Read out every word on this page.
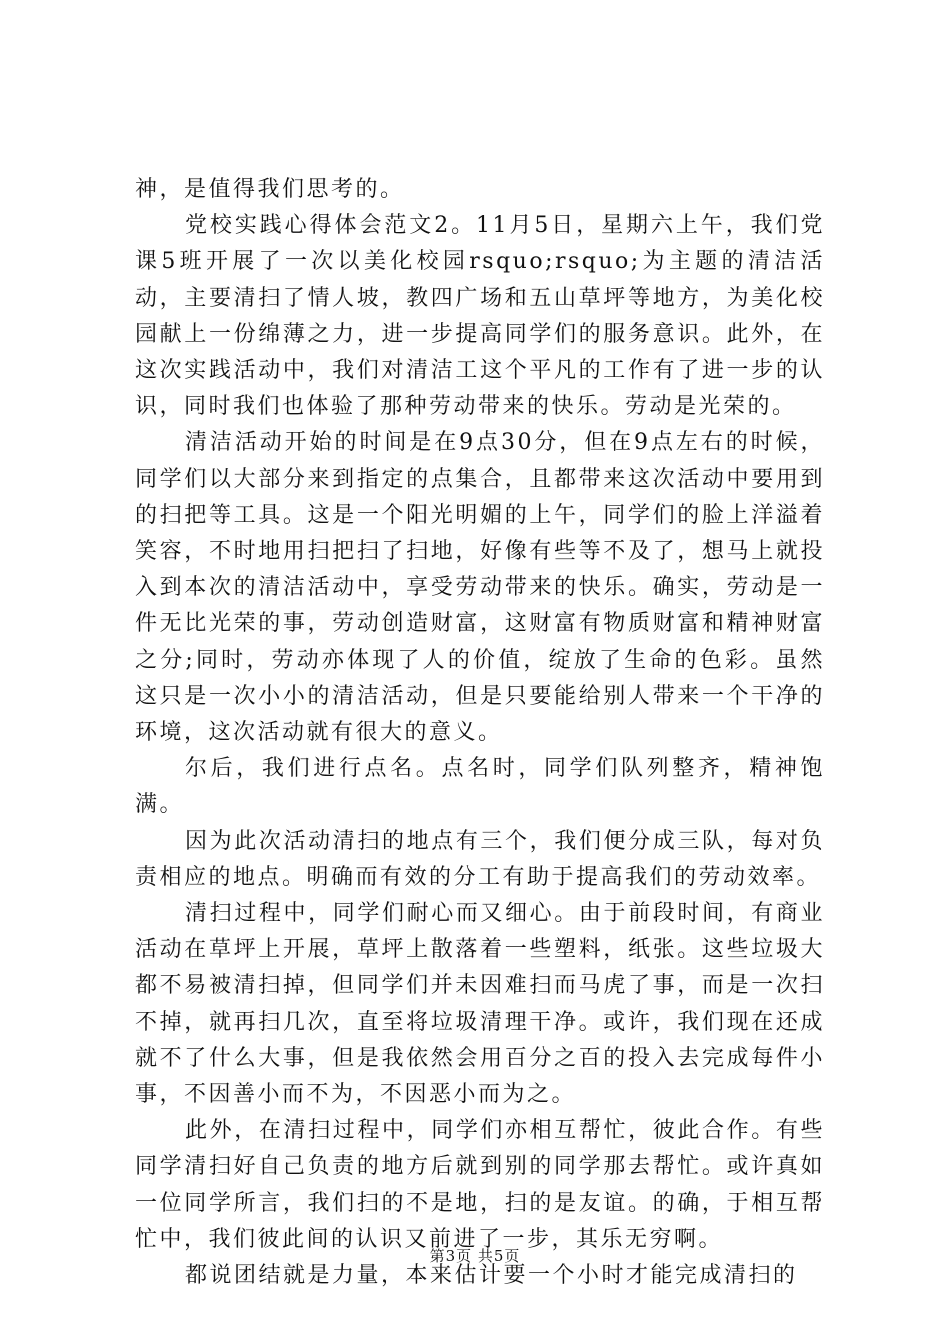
神，是值得我们思考的。

党校实践心得体会范文2。11月5日，星期六上午，我们党课5班开展了一次以美化校园rsquo;rsquo;为主题的清洁活动，主要清扫了情人坡，教四广场和五山草坪等地方，为美化校园献上一份绵薄之力，进一步提高同学们的服务意识。此外，在这次实践活动中，我们对清洁工这个平凡的工作有了进一步的认识，同时我们也体验了那种劳动带来的快乐。劳动是光荣的。

清洁活动开始的时间是在9点30分，但在9点左右的时候，同学们以大部分来到指定的点集合，且都带来这次活动中要用到的扫把等工具。这是一个阳光明媚的上午，同学们的脸上洋溢着笑容，不时地用扫把扫了扫地，好像有些等不及了，想马上就投入到本次的清洁活动中，享受劳动带来的快乐。确实，劳动是一件无比光荣的事，劳动创造财富，这财富有物质财富和精神财富之分;同时，劳动亦体现了人的价值，绽放了生命的色彩。虽然这只是一次小小的清洁活动，但是只要能给别人带来一个干净的环境，这次活动就有很大的意义。

尔后，我们进行点名。点名时，同学们队列整齐，精神饱满。

因为此次活动清扫的地点有三个，我们便分成三队，每对负责相应的地点。明确而有效的分工有助于提高我们的劳动效率。

清扫过程中，同学们耐心而又细心。由于前段时间，有商业活动在草坪上开展，草坪上散落着一些塑料，纸张。这些垃圾大都不易被清扫掉，但同学们并未因难扫而马虎了事，而是一次扫不掉，就再扫几次，直至将垃圾清理干净。或许，我们现在还成就不了什么大事，但是我依然会用百分之百的投入去完成每件小事，不因善小而不为，不因恶小而为之。

此外，在清扫过程中，同学们亦相互帮忙，彼此合作。有些同学清扫好自己负责的地方后就到别的同学那去帮忙。或许真如一位同学所言，我们扫的不是地，扫的是友谊。的确，于相互帮忙中，我们彼此间的认识又前进了一步，其乐无穷啊。

都说团结就是力量，本来估计要一个小时才能完成清扫的

第3页 共5页
